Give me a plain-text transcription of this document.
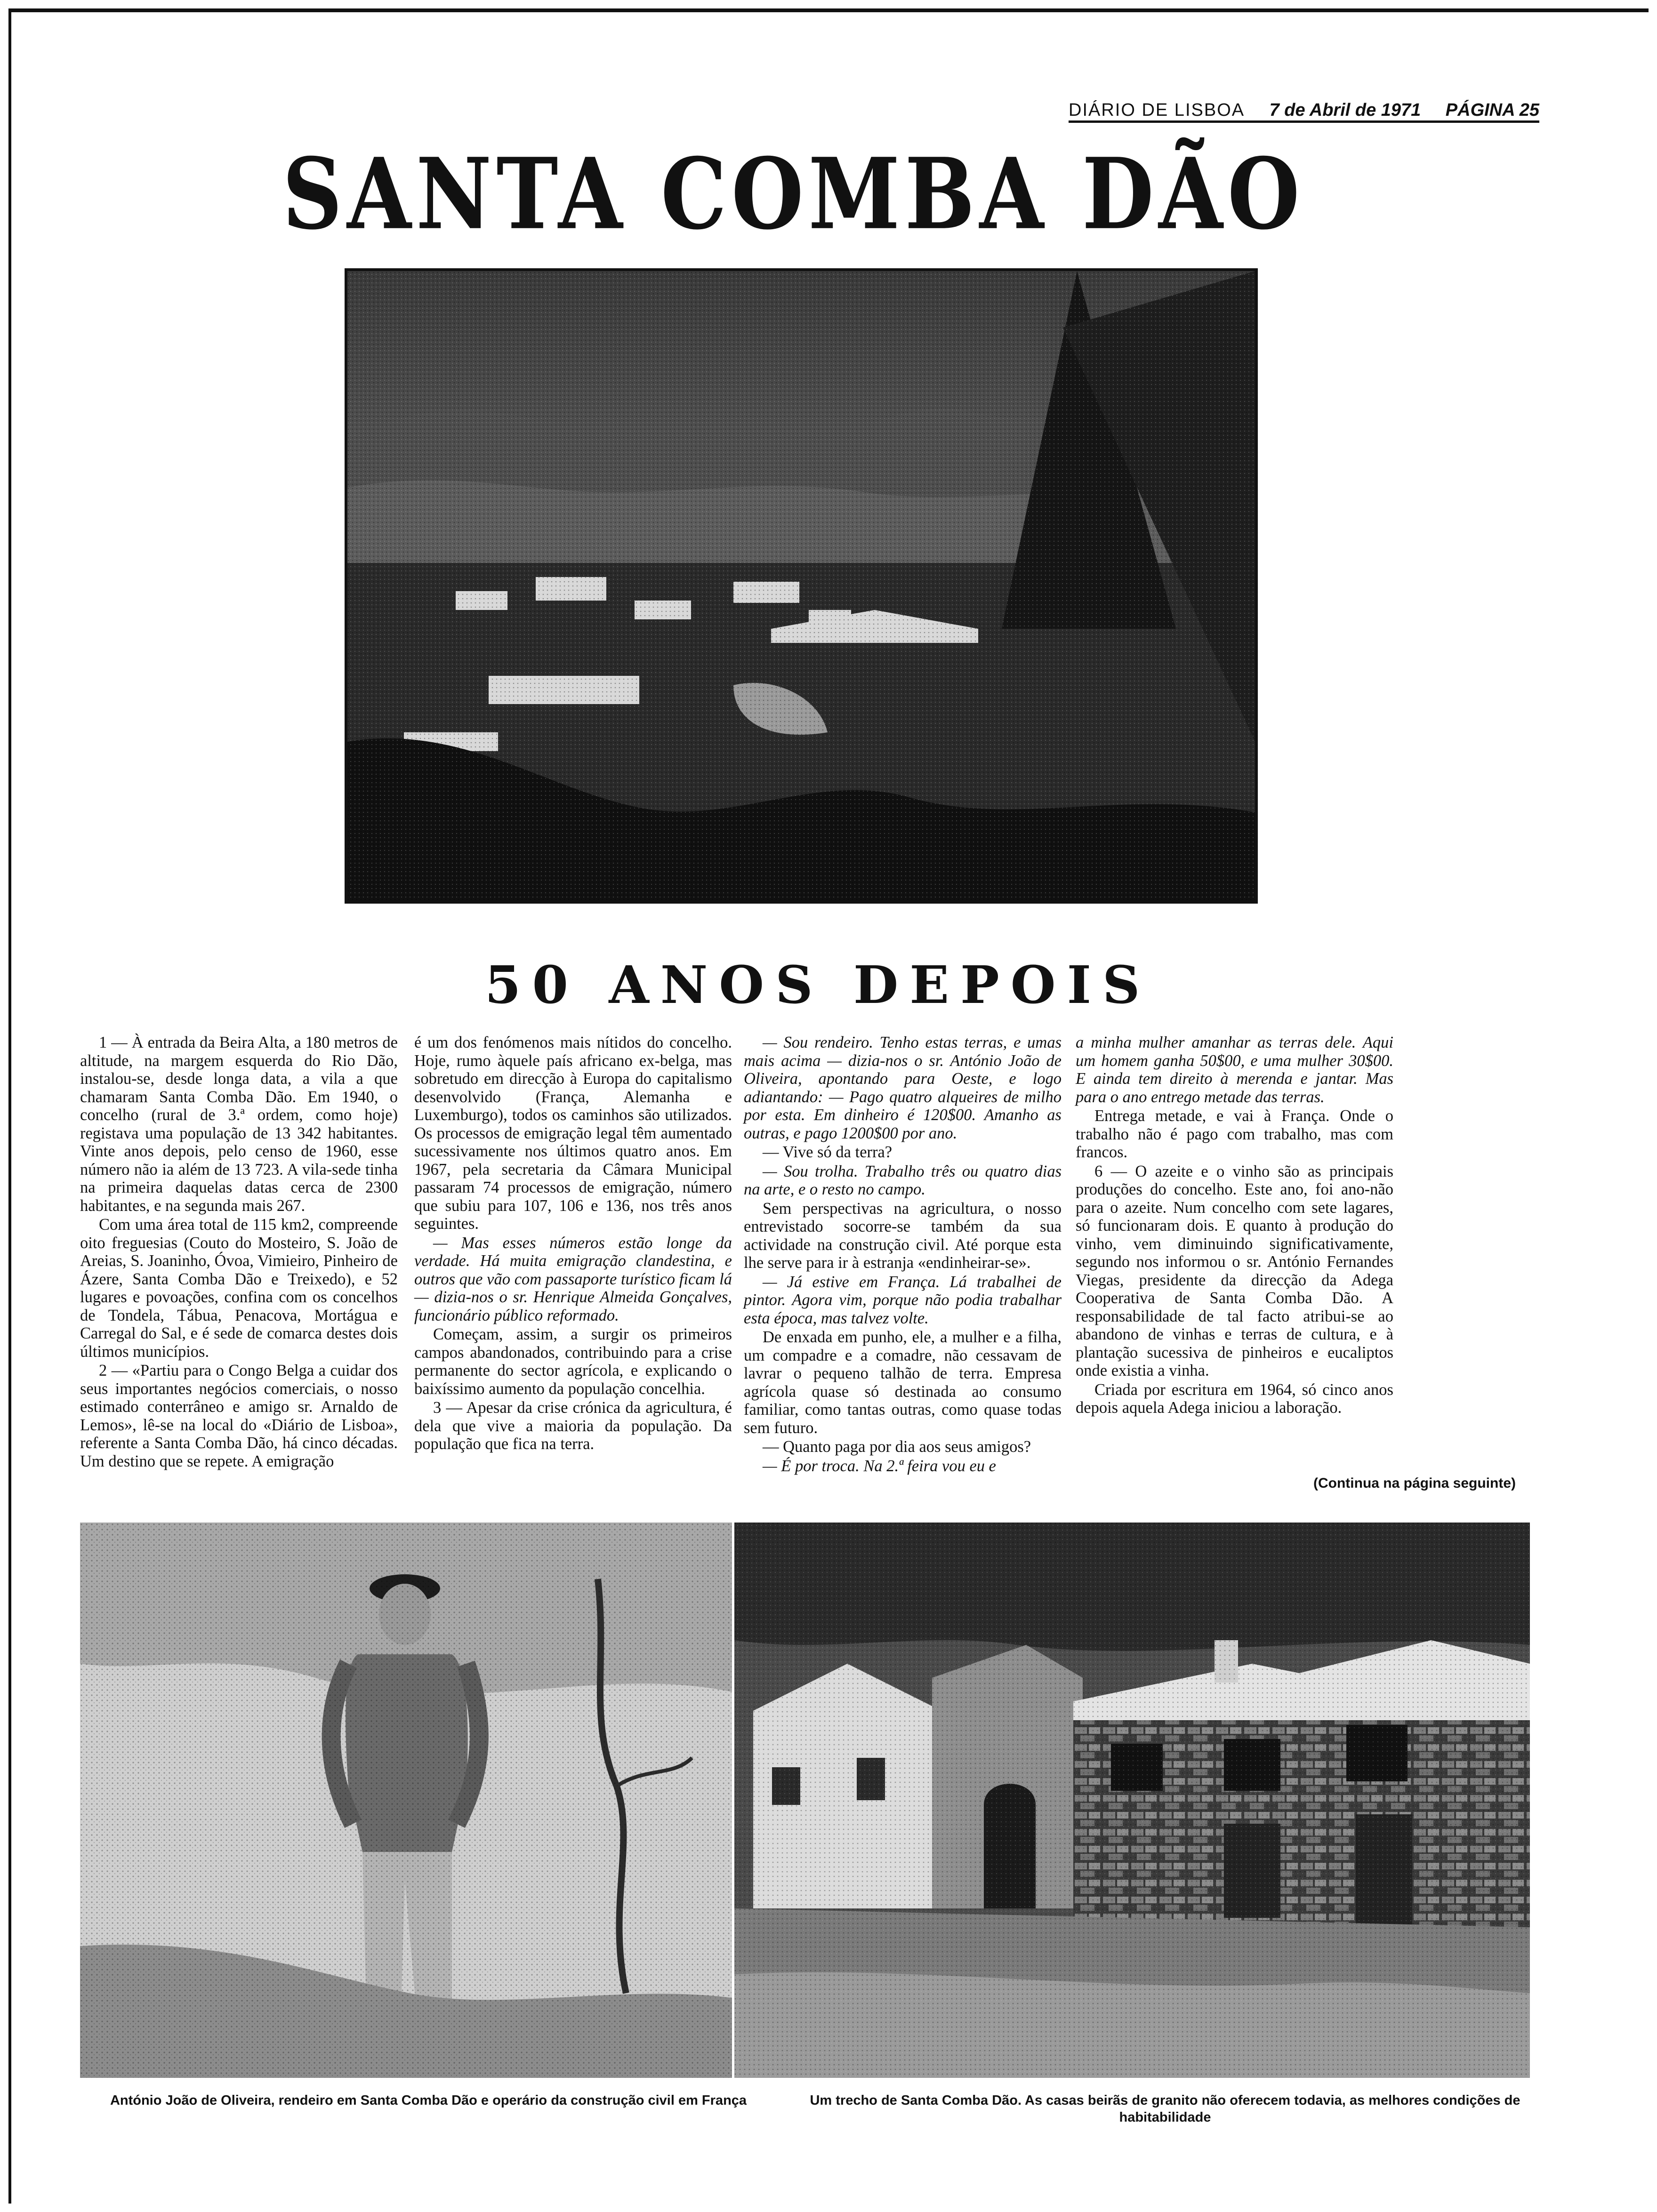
DIÁRIO DE LISBOA 7 de Abril de 1971 PÁGINA 25
SANTA COMBA DÃO
50 ANOS DEPOIS

1 — À entrada da Beira Alta, a 180 metros de altitude, na margem esquerda do Rio Dão, instalou-se, desde longa data, a vila a que chamaram Santa Comba Dão. Em 1940, o concelho (rural de 3.ª ordem, como hoje) registava uma população de 13 342 habitantes. Vinte anos depois, pelo censo de 1960, esse número não ia além de 13 723. A vila-sede tinha na primeira daquelas datas cerca de 2300 habitantes, e na segunda mais 267.

Com uma área total de 115 km2, compreende oito freguesias (Couto do Mosteiro, S. João de Areias, S. Joaninho, Óvoa, Vimieiro, Pinheiro de Ázere, Santa Comba Dão e Treixedo), e 52 lugares e povoações, confina com os concelhos de Tondela, Tábua, Penacova, Mortágua e Carregal do Sal, e é sede de comarca destes dois últimos municípios.

2 — «Partiu para o Congo Belga a cuidar dos seus importantes negócios comerciais, o nosso estimado conterrâneo e amigo sr. Arnaldo de Lemos», lê-se na local do «Diário de Lisboa», referente a Santa Comba Dão, há cinco décadas. Um destino que se repete. A emigração

é um dos fenómenos mais nítidos do concelho. Hoje, rumo àquele país africano ex-belga, mas sobretudo em direcção à Europa do capitalismo desenvolvido (França, Alemanha e Luxemburgo), todos os caminhos são utilizados. Os processos de emigração legal têm aumentado sucessivamente nos últimos quatro anos. Em 1967, pela secretaria da Câmara Municipal passaram 74 processos de emigração, número que subiu para 107, 106 e 136, nos três anos seguintes.

— Mas esses números estão longe da verdade. Há muita emigração clandestina, e outros que vão com passaporte turístico ficam lá — dizia-nos o sr. Henrique Almeida Gonçalves, funcionário público reformado.

Começam, assim, a surgir os primeiros campos abandonados, contribuindo para a crise permanente do sector agrícola, e explicando o baixíssimo aumento da população concelhia.

3 — Apesar da crise crónica da agricultura, é dela que vive a maioria da população. Da população que fica na terra.

— Sou rendeiro. Tenho estas terras, e umas mais acima — dizia-nos o sr. António João de Oliveira, apontando para Oeste, e logo adiantando: — Pago quatro alqueires de milho por esta. Em dinheiro é 120$00. Amanho as outras, e pago 1200$00 por ano.

— Vive só da terra?

— Sou trolha. Trabalho três ou quatro dias na arte, e o resto no campo.

Sem perspectivas na agricultura, o nosso entrevistado socorre-se também da sua actividade na construção civil. Até porque esta lhe serve para ir à estranja «endinheirar-se».

— Já estive em França. Lá trabalhei de pintor. Agora vim, porque não podia trabalhar esta época, mas talvez volte.

De enxada em punho, ele, a mulher e a filha, um compadre e a comadre, não cessavam de lavrar o pequeno talhão de terra. Empresa agrícola quase só destinada ao consumo familiar, como tantas outras, como quase todas sem futuro.

— Quanto paga por dia aos seus amigos?

— É por troca. Na 2.ª feira vou eu e

a minha mulher amanhar as terras dele. Aqui um homem ganha 50$00, e uma mulher 30$00. E ainda tem direito à merenda e jantar. Mas para o ano entrego metade das terras.

Entrega metade, e vai à França. Onde o trabalho não é pago com trabalho, mas com francos.

6 — O azeite e o vinho são as principais produções do concelho. Este ano, foi ano-não para o azeite. Num concelho com sete lagares, só funcionaram dois. E quanto à produção do vinho, vem diminuindo significativamente, segundo nos informou o sr. António Fernandes Viegas, presidente da direcção da Adega Cooperativa de Santa Comba Dão. A responsabilidade de tal facto atribui-se ao abandono de vinhas e terras de cultura, e à plantação sucessiva de pinheiros e eucaliptos onde existia a vinha.

Criada por escritura em 1964, só cinco anos depois aquela Adega iniciou a laboração.

(Continua na página seguinte)
António João de Oliveira, rendeiro em Santa Comba Dão e operário da construção civil em França	Um trecho de Santa Comba Dão. As casas beirãs de granito não oferecem todavia, as melhores condições de habitabilidade
